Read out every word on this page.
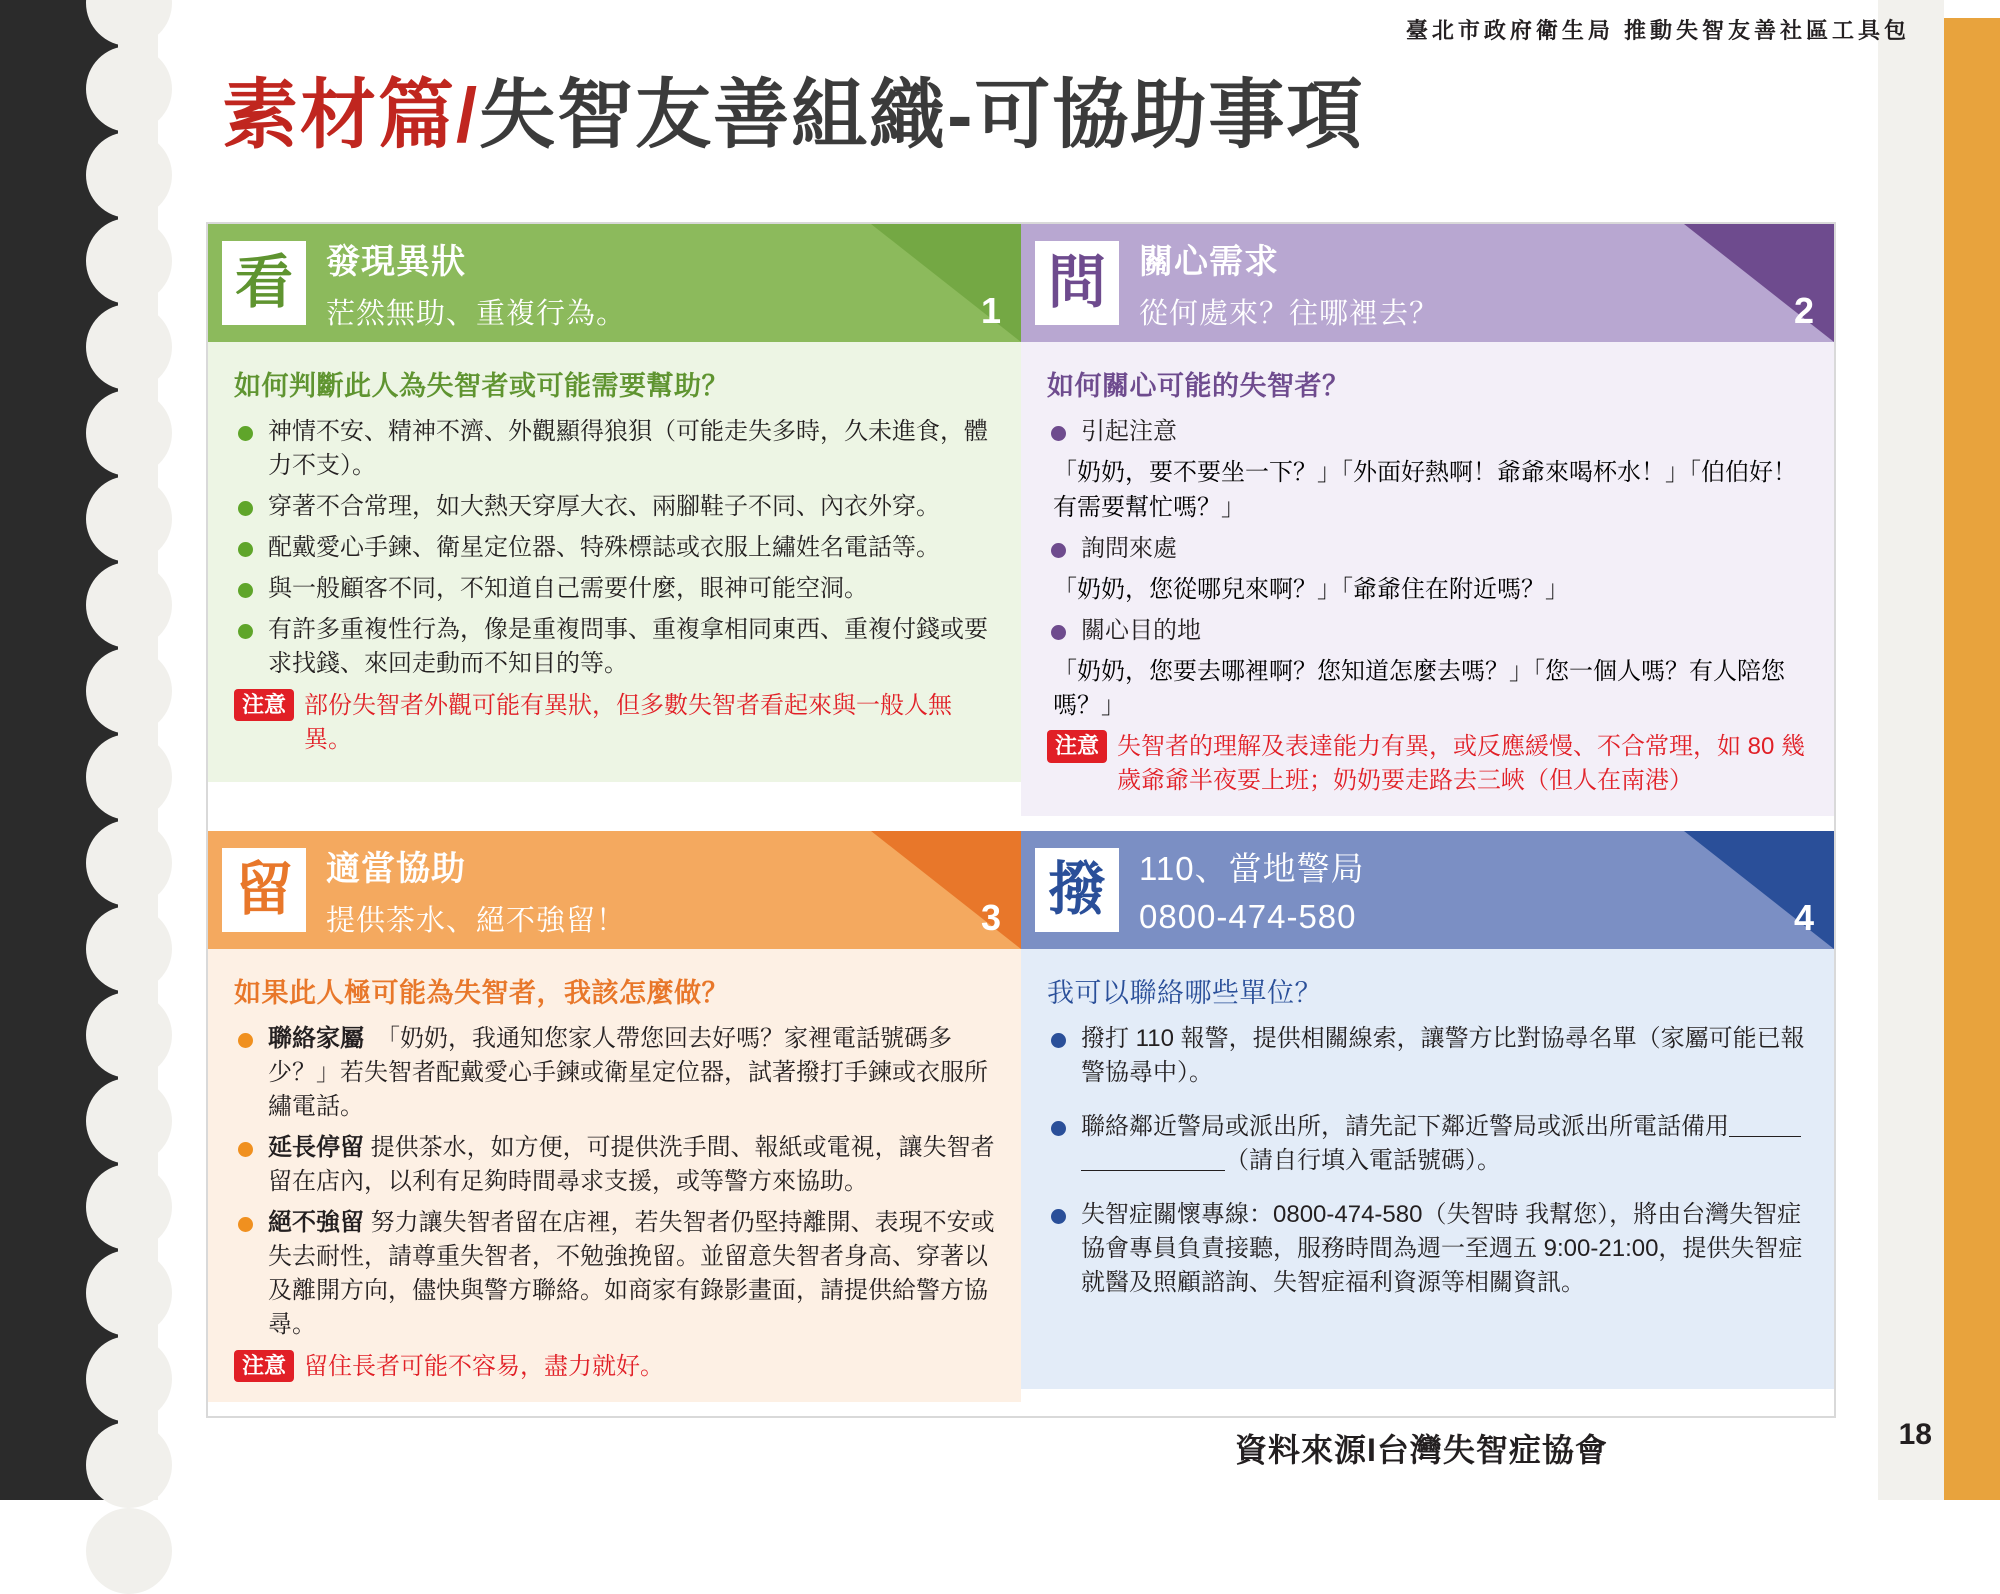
臺北市政府衛生局 推動失智友善社區工具包
素材篇/失智友善組織-可協助事項
看 發現異狀
茫然無助、重複行為。	1
如何判斷此人為失智者或可能需要幫助？
神情不安、精神不濟、外觀顯得狼狽（可能走失多時，久未進食，體力不支）。
穿著不合常理，如大熱天穿厚大衣、兩腳鞋子不同、內衣外穿。
配戴愛心手鍊、衛星定位器、特殊標誌或衣服上繡姓名電話等。
與一般顧客不同，不知道自己需要什麼，眼神可能空洞。
有許多重複性行為，像是重複問事、重複拿相同東西、重複付錢或要求找錢、來回走動而不知目的等。
注意 部份失智者外觀可能有異狀，但多數失智者看起來與一般人無異。
問 關心需求
從何處來？往哪裡去？	2
如何關心可能的失智者？
引起注意
「奶奶，要不要坐一下？」「外面好熱啊！爺爺來喝杯水！」「伯伯好！有需要幫忙嗎？」
詢問來處
「奶奶，您從哪兒來啊？」「爺爺住在附近嗎？」
關心目的地
「奶奶，您要去哪裡啊？您知道怎麼去嗎？」「您一個人嗎？有人陪您嗎？」
注意 失智者的理解及表達能力有異，或反應緩慢、不合常理，如 80 幾歲爺爺半夜要上班；奶奶要走路去三峽（但人在南港）
留 適當協助
提供茶水、絕不強留！	3
如果此人極可能為失智者，我該怎麼做？
聯絡家屬　 「奶奶，我通知您家人帶您回去好嗎？家裡電話號碼多少？」若失智者配戴愛心手鍊或衛星定位器，試著撥打手鍊或衣服所繡電話。
延長停留 提供茶水，如方便，可提供洗手間、報紙或電視，讓失智者留在店內，以利有足夠時間尋求支援，或等警方來協助。
絕不強留 努力讓失智者留在店裡，若失智者仍堅持離開、表現不安或失去耐性，請尊重失智者，不勉強挽留。並留意失智者身高、穿著以及離開方向，儘快與警方聯絡。如商家有錄影畫面，請提供給警方協尋。
注意 留住長者可能不容易，盡力就好。
撥	110、當地警局
0800-474-580	4
我可以聯絡哪些單位？
撥打 110 報警，提供相關線索，讓警方比對協尋名單（家屬可能已報警協尋中）。
聯絡鄰近警局或派出所，請先記下鄰近警局或派出所電話備用＿＿＿＿＿＿＿＿＿（請自行填入電話號碼）。
失智症關懷專線：0800-474-580（失智時 我幫您），將由台灣失智症協會專員負責接聽，服務時間為週一至週五 9:00-21:00，提供失智症就醫及照顧諮詢、失智症福利資源等相關資訊。
資料來源I台灣失智症協會	18
